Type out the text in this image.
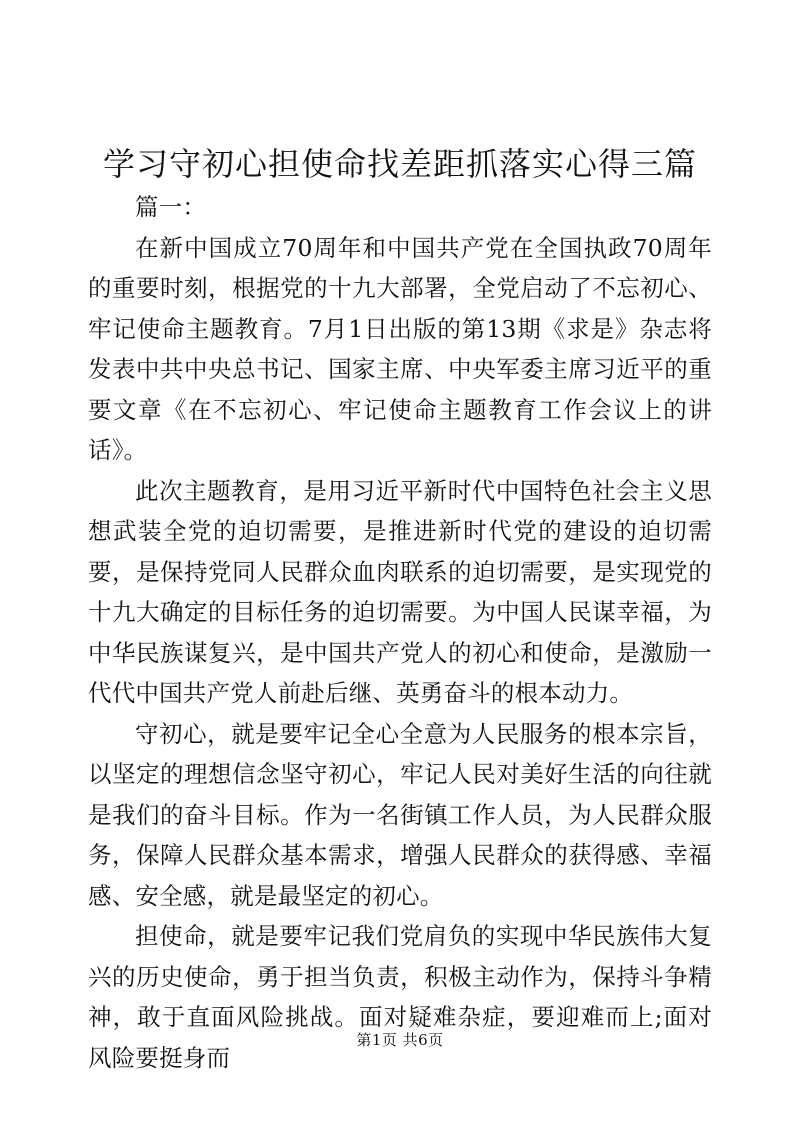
学习守初心担使命找差距抓落实心得三篇

篇一：

在新中国成立70周年和中国共产党在全国执政70周年的重要时刻，根据党的十九大部署，全党启动了不忘初心、牢记使命主题教育。7月1日出版的第13期《求是》杂志将发表中共中央总书记、国家主席、中央军委主席习近平的重要文章《在不忘初心、牢记使命主题教育工作会议上的讲话》。

此次主题教育，是用习近平新时代中国特色社会主义思想武装全党的迫切需要，是推进新时代党的建设的迫切需要，是保持党同人民群众血肉联系的迫切需要，是实现党的十九大确定的目标任务的迫切需要。为中国人民谋幸福，为中华民族谋复兴，是中国共产党人的初心和使命，是激励一代代中国共产党人前赴后继、英勇奋斗的根本动力。

守初心，就是要牢记全心全意为人民服务的根本宗旨，以坚定的理想信念坚守初心，牢记人民对美好生活的向往就是我们的奋斗目标。作为一名街镇工作人员，为人民群众服务，保障人民群众基本需求，增强人民群众的获得感、幸福感、安全感，就是最坚定的初心。

担使命，就是要牢记我们党肩负的实现中华民族伟大复兴的历史使命，勇于担当负责，积极主动作为，保持斗争精神，敢于直面风险挑战。面对疑难杂症，要迎难而上;面对风险要挺身而

第1页 共6页
